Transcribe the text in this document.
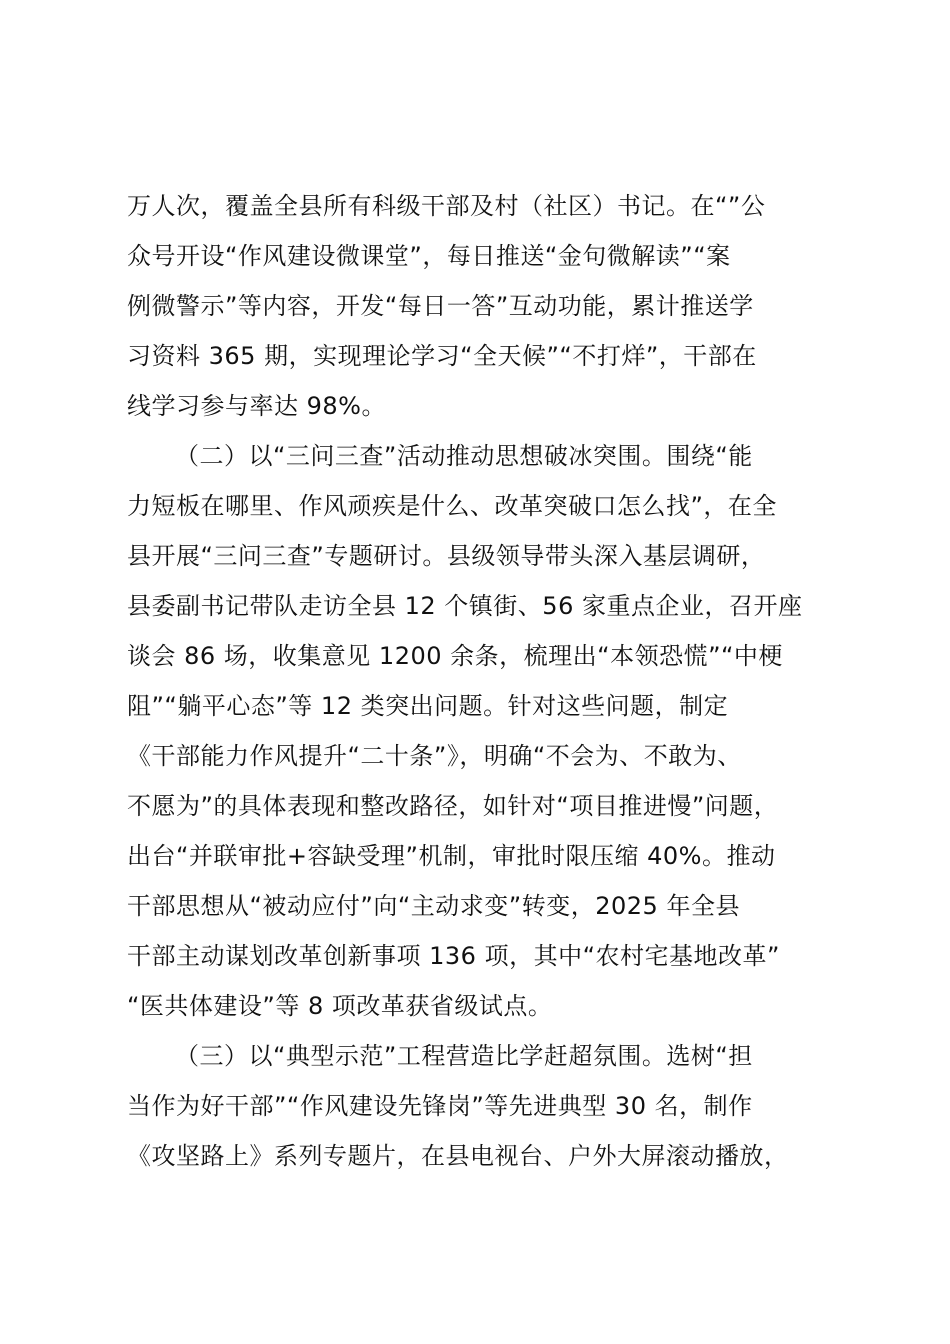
万人次，覆盖全县所有科级干部及村（社区）书记。在“”公
众号开设“作风建设微课堂”，每日推送“金句微解读”“案
例微警示”等内容，开发“每日一答”互动功能，累计推送学
习资料 365 期，实现理论学习“全天候”“不打烊”，干部在
线学习参与率达 98%。
（二）以“三问三查”活动推动思想破冰突围。围绕“能
力短板在哪里、作风顽疾是什么、改革突破口怎么找”，在全
县开展“三问三查”专题研讨。县级领导带头深入基层调研，
县委副书记带队走访全县 12 个镇街、56 家重点企业，召开座
谈会 86 场，收集意见 1200 余条，梳理出“本领恐慌”“中梗
阻”“躺平心态”等 12 类突出问题。针对这些问题，制定
《干部能力作风提升“二十条”》，明确“不会为、不敢为、
不愿为”的具体表现和整改路径，如针对“项目推进慢”问题，
出台“并联审批+容缺受理”机制，审批时限压缩 40%。推动
干部思想从“被动应付”向“主动求变”转变，2025 年全县
干部主动谋划改革创新事项 136 项，其中“农村宅基地改革”
“医共体建设”等 8 项改革获省级试点。
（三）以“典型示范”工程营造比学赶超氛围。选树“担
当作为好干部”“作风建设先锋岗”等先进典型 30 名，制作
《攻坚路上》系列专题片，在县电视台、户外大屏滚动播放，
